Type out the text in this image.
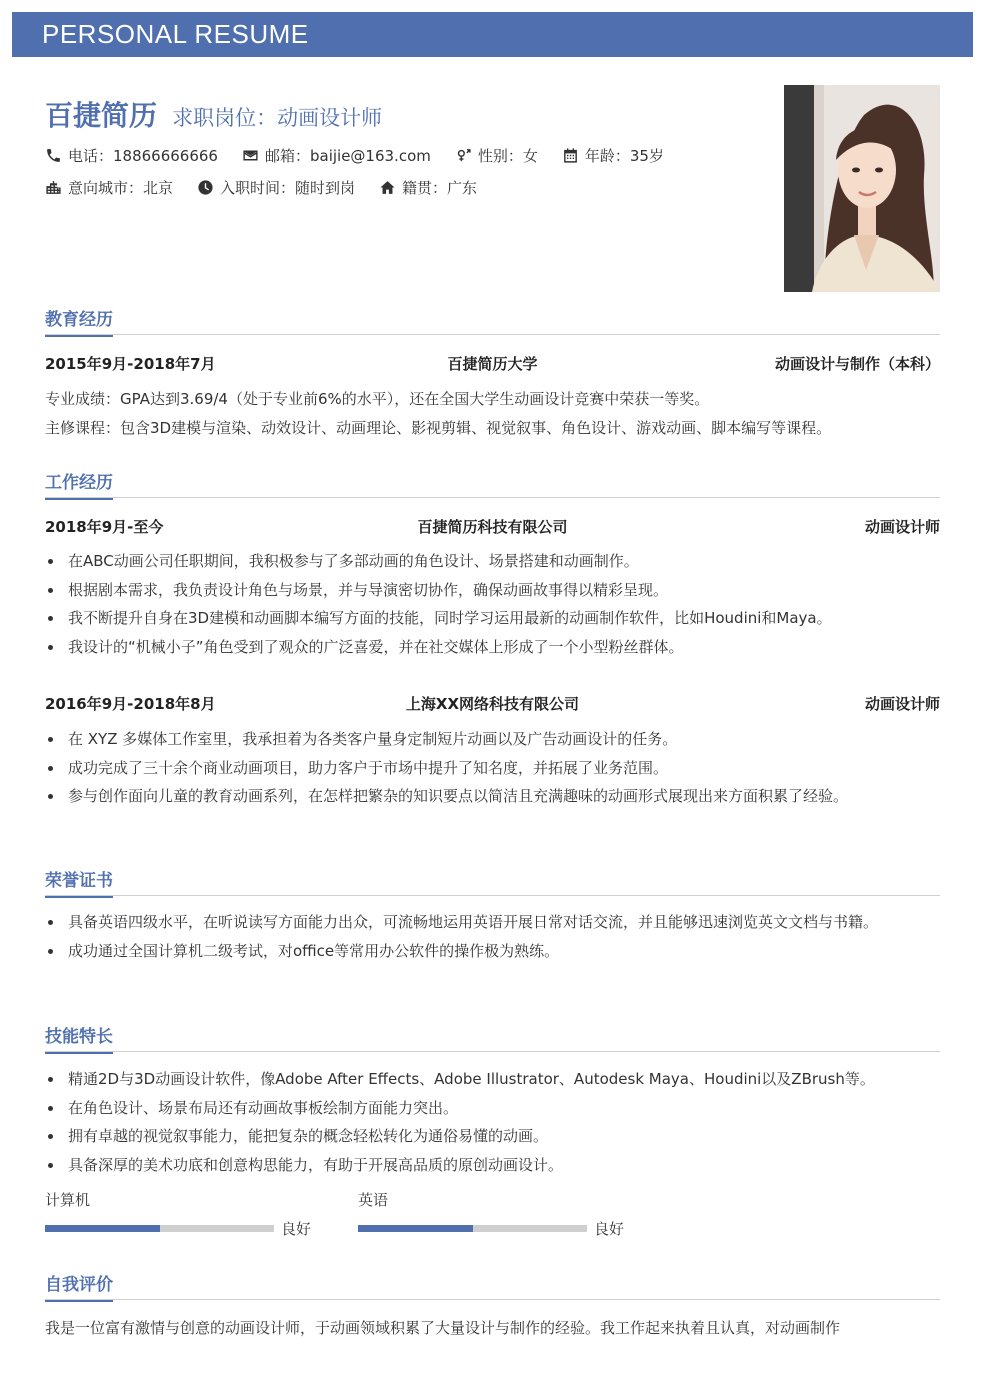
PERSONAL RESUME
百捷简历 求职岗位：动画设计师
电话：18866666666	邮箱：baijie@163.com	性别：女	年龄：35岁
意向城市：北京	入职时间：随时到岗	籍贯：广东
教育经历
2015年9月-2018年7月	百捷简历大学	动画设计与制作（本科）
专业成绩：GPA达到3.69/4（处于专业前6%的水平），还在全国大学生动画设计竞赛中荣获一等奖。
主修课程：包含3D建模与渲染、动效设计、动画理论、影视剪辑、视觉叙事、角色设计、游戏动画、脚本编写等课程。
工作经历
2018年9月-至今	百捷简历科技有限公司	动画设计师
在ABC动画公司任职期间，我积极参与了多部动画的角色设计、场景搭建和动画制作。
根据剧本需求，我负责设计角色与场景，并与导演密切协作，确保动画故事得以精彩呈现。
我不断提升自身在3D建模和动画脚本编写方面的技能，同时学习运用最新的动画制作软件，比如Houdini和Maya。
我设计的“机械小子”角色受到了观众的广泛喜爱，并在社交媒体上形成了一个小型粉丝群体。
2016年9月-2018年8月	上海XX网络科技有限公司	动画设计师
在 XYZ 多媒体工作室里，我承担着为各类客户量身定制短片动画以及广告动画设计的任务。
成功完成了三十余个商业动画项目，助力客户于市场中提升了知名度，并拓展了业务范围。
参与创作面向儿童的教育动画系列，在怎样把繁杂的知识要点以简洁且充满趣味的动画形式展现出来方面积累了经验。
荣誉证书
具备英语四级水平，在听说读写方面能力出众，可流畅地运用英语开展日常对话交流，并且能够迅速浏览英文文档与书籍。
成功通过全国计算机二级考试，对office等常用办公软件的操作极为熟练。
技能特长
精通2D与3D动画设计软件，像Adobe After Effects、Adobe Illustrator、Autodesk Maya、Houdini以及ZBrush等。
在角色设计、场景布局还有动画故事板绘制方面能力突出。
拥有卓越的视觉叙事能力，能把复杂的概念轻松转化为通俗易懂的动画。
具备深厚的美术功底和创意构思能力，有助于开展高品质的原创动画设计。
计算机
良好
英语
良好
自我评价
我是一位富有激情与创意的动画设计师，于动画领域积累了大量设计与制作的经验。我工作起来执着且认真，对动画制作
